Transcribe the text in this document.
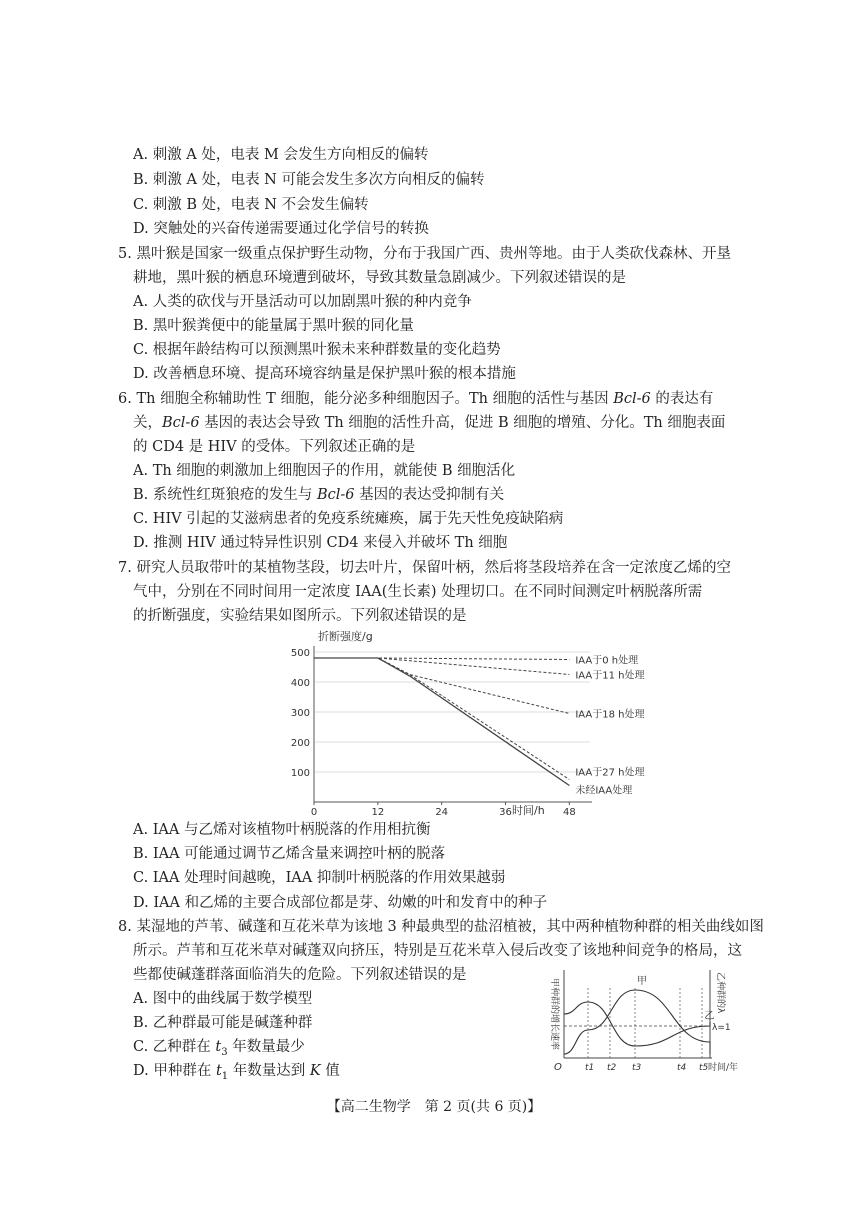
A. 刺激 A 处，电表 M 会发生方向相反的偏转
B. 刺激 A 处，电表 N 可能会发生多次方向相反的偏转
C. 刺激 B 处，电表 N 不会发生偏转
D. 突触处的兴奋传递需要通过化学信号的转换
5. 黑叶猴是国家一级重点保护野生动物，分布于我国广西、贵州等地。由于人类砍伐森林、开垦
耕地，黑叶猴的栖息环境遭到破坏，导致其数量急剧减少。下列叙述错误的是
A. 人类的砍伐与开垦活动可以加剧黑叶猴的种内竞争
B. 黑叶猴粪便中的能量属于黑叶猴的同化量
C. 根据年龄结构可以预测黑叶猴未来种群数量的变化趋势
D. 改善栖息环境、提高环境容纳量是保护黑叶猴的根本措施
6. Th 细胞全称辅助性 T 细胞，能分泌多种细胞因子。Th 细胞的活性与基因 Bcl-6 的表达有
关，Bcl-6 基因的表达会导致 Th 细胞的活性升高，促进 B 细胞的增殖、分化。Th 细胞表面
的 CD4 是 HIV 的受体。下列叙述正确的是
A. Th 细胞的刺激加上细胞因子的作用，就能使 B 细胞活化
B. 系统性红斑狼疮的发生与 Bcl-6 基因的表达受抑制有关
C. HIV 引起的艾滋病患者的免疫系统瘫痪，属于先天性免疫缺陷病
D. 推测 HIV 通过特异性识别 CD4 来侵入并破坏 Th 细胞
7. 研究人员取带叶的某植物茎段，切去叶片，保留叶柄，然后将茎段培养在含一定浓度乙烯的空
气中，分别在不同时间用一定浓度 IAA(生长素) 处理切口。在不同时间测定叶柄脱落所需
的折断强度，实验结果如图所示。下列叙述错误的是
折断强度/g
100
200
300
400
500
0	12	24	36	48
IAA于0 h处理
IAA于11 h处理
IAA于18 h处理
IAA于27 h处理
未经IAA处理
时间/h
A. IAA 与乙烯对该植物叶柄脱落的作用相抗衡
B. IAA 可能通过调节乙烯含量来调控叶柄的脱落
C. IAA 处理时间越晚，IAA 抑制叶柄脱落的作用效果越弱
D. IAA 和乙烯的主要合成部位都是芽、幼嫩的叶和发育中的种子
8. 某湿地的芦苇、碱蓬和互花米草为该地 3 种最典型的盐沼植被，其中两种植物种群的相关曲线如图
所示。芦苇和互花米草对碱蓬双向挤压，特别是互花米草入侵后改变了该地种间竞争的格局，这
些都使碱蓬群落面临消失的危险。下列叙述错误的是
A. 图中的曲线属于数学模型
B. 乙种群最可能是碱蓬种群
C. 乙种群在 $t_3$ 年数量最少
D. 甲种群在 $t_1$ 年数量达到 K 值
甲种群的增长速率	乙种群的λ
甲
乙
t1 t2 t3	t4 t5
O
λ=1
时间/年
【高二生物学　第 2 页(共 6 页)】
